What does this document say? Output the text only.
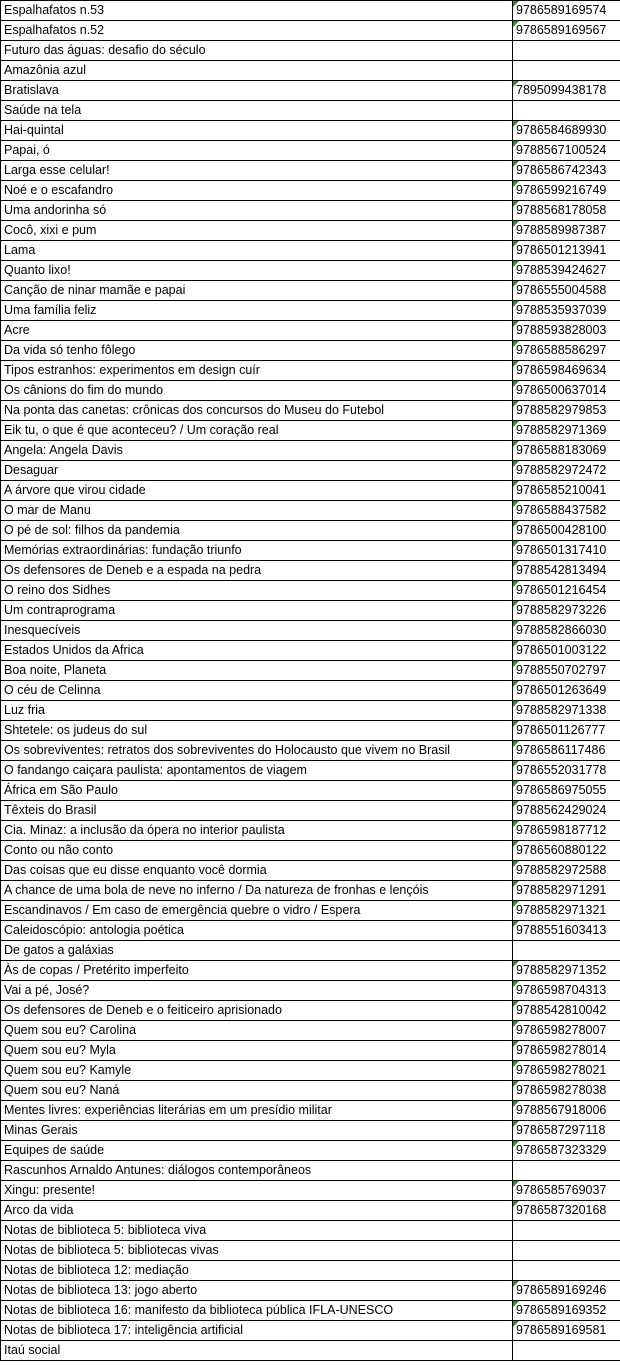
Espalhafatos n.53	9786589169574
Espalhafatos n.52	9786589169567
Futuro das águas: desafio do século	
Amazônia azul	
Bratislava	7895099438178
Saúde na tela	
Hai-quintal	9786584689930
Papai, ó	9788567100524
Larga esse celular!	9786586742343
Noé e o escafandro	9786599216749
Uma andorinha só	9788568178058
Cocô, xixi e pum	9788589987387
Lama	9786501213941
Quanto lixo!	9788539424627
Canção de ninar mamãe e papai	9786555004588
Uma família feliz	9788535937039
Acre	9788593828003
Da vida só tenho fôlego	9786588586297
Tipos estranhos: experimentos em design cuír	9786598469634
Os cânions do fim do mundo	9786500637014
Na ponta das canetas: crônicas dos concursos do Museu do Futebol	9788582979853
Eik tu, o que é que aconteceu? / Um coração real	9788582971369
Angela: Angela Davis	9786588183069
Desaguar	9788582972472
A árvore que virou cidade	9786585210041
O mar de Manu	9786588437582
O pé de sol: filhos da pandemia	9786500428100
Memórias extraordinárias: fundação triunfo	9786501317410
Os defensores de Deneb e a espada na pedra	9788542813494
O reino dos Sidhes	9786501216454
Um contraprograma	9788582973226
Inesquecíveis	9788582866030
Estados Unidos da Africa	9786501003122
Boa noite, Planeta	9788550702797
O céu de Celinna	9786501263649
Luz fria	9788582971338
Shtetele: os judeus do sul	9786501126777
Os sobreviventes: retratos dos sobreviventes do Holocausto que vivem no Brasil	9786586117486
O fandango caiçara paulista: apontamentos de viagem	9786552031778
África em São Paulo	9786586975055
Têxteis do Brasil	9788562429024
Cia. Minaz: a inclusão da ópera no interior paulista	9786598187712
Conto ou não conto	9786560880122
Das coisas que eu disse enquanto você dormia	9788582972588
A chance de uma bola de neve no inferno / Da natureza de fronhas e lençóis	9788582971291
Escandinavos / Em caso de emergência quebre o vidro / Espera	9788582971321
Caleidoscópio: antologia poética	9788551603413
De gatos a galáxias	
Às de copas / Pretérito imperfeito	9788582971352
Vai a pé, José?	9786598704313
Os defensores de Deneb e o feiticeiro aprisionado	9788542810042
Quem sou eu? Carolina	9786598278007
Quem sou eu? Myla	9786598278014
Quem sou eu? Kamyle	9786598278021
Quem sou eu? Naná	9786598278038
Mentes livres: experiências literárias em um presídio militar	9788567918006
Minas Gerais	9786587297118
Equipes de saúde	9786587323329
Rascunhos Arnaldo Antunes: diálogos contemporâneos	
Xingu: presente!	9786585769037
Arco da vida	9786587320168
Notas de biblioteca 5: biblioteca viva	
Notas de biblioteca 5: bibliotecas vivas	
Notas de biblioteca 12: mediação	
Notas de biblioteca 13: jogo aberto	9786589169246
Notas de biblioteca 16: manifesto da biblioteca pública IFLA-UNESCO	9786589169352
Notas de biblioteca 17: inteligência artificial	9786589169581
Itaú social	
